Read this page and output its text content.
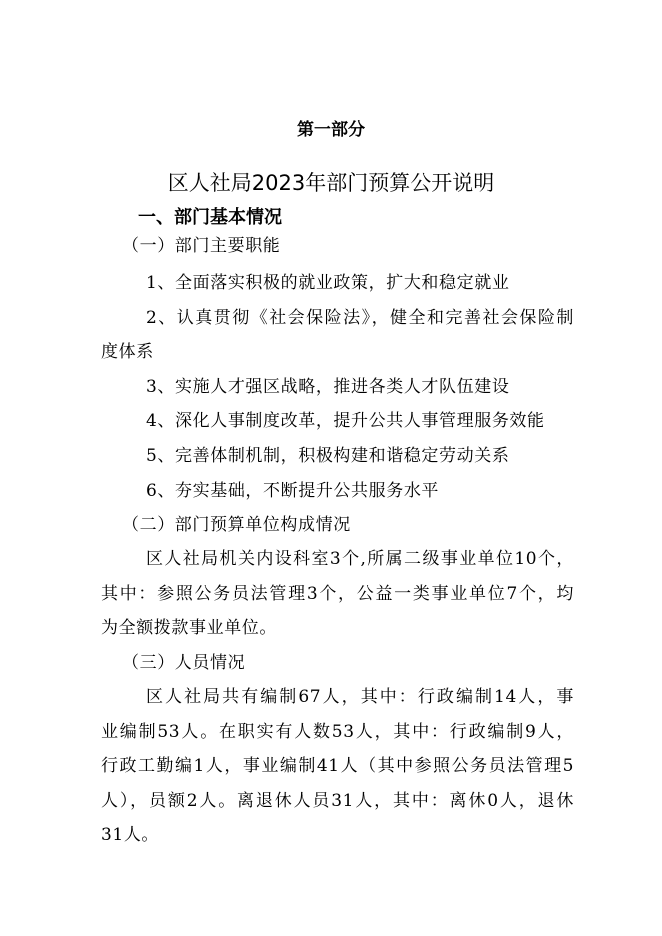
第一部分
区人社局2023年部门预算公开说明
一、部门基本情况
（一）部门主要职能
1、全面落实积极的就业政策，扩大和稳定就业
2、认真贯彻《社会保险法》，健全和完善社会保险制
度体系
3、实施人才强区战略，推进各类人才队伍建设
4、深化人事制度改革，提升公共人事管理服务效能
5、完善体制机制，积极构建和谐稳定劳动关系
6、夯实基础，不断提升公共服务水平
（二）部门预算单位构成情况
区人社局机关内设科室3个,所属二级事业单位10个，
其中：参照公务员法管理3个，公益一类事业单位7个，均
为全额拨款事业单位。
（三）人员情况
区人社局共有编制67人，其中：行政编制14人，事
业编制53人。在职实有人数53人，其中：行政编制9人，
行政工勤编1人，事业编制41人（其中参照公务员法管理5
人），员额2人。离退休人员31人，其中：离休0人，退休
31人。
